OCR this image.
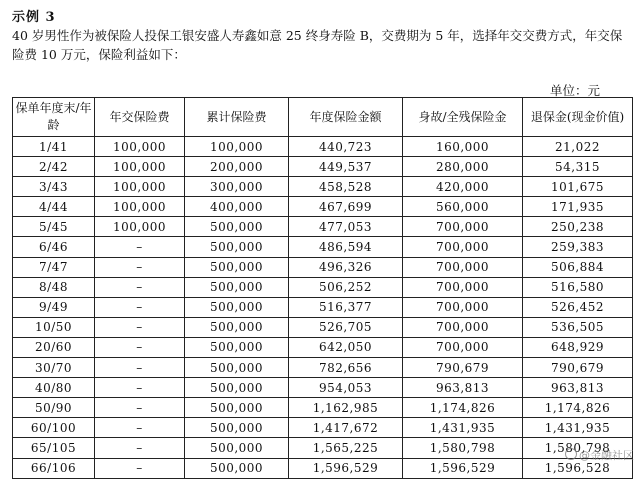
示例 3
40 岁男性作为被保险人投保工银安盛人寿鑫如意 25 终身寿险 B，交费期为 5 年，选择年交交费方式，年交保险费 10 万元，保险利益如下：
单位：元
保单年度末/年龄	年交保险费	累计保险费	年度保险金额	身故/全残保险金	退保金(现金价值)
1/41	100,000	100,000	440,723	160,000	21,022
2/42	100,000	200,000	449,537	280,000	54,315
3/43	100,000	300,000	458,528	420,000	101,675
4/44	100,000	400,000	467,699	560,000	171,935
5/45	100,000	500,000	477,053	700,000	250,238
6/46	–	500,000	486,594	700,000	259,383
7/47	–	500,000	496,326	700,000	506,884
8/48	–	500,000	506,252	700,000	516,580
9/49	–	500,000	516,377	700,000	526,452
10/50	–	500,000	526,705	700,000	536,505
20/60	–	500,000	642,050	700,000	648,929
30/70	–	500,000	782,656	790,679	790,679
40/80	–	500,000	954,053	963,813	963,813
50/90	–	500,000	1,162,985	1,174,826	1,174,826
60/100	–	500,000	1,417,672	1,431,935	1,431,935
65/105	–	500,000	1,565,225	1,580,798	1,580,798
66/106	–	500,000	1,596,529	1,596,529	1,596,528
@金融社区
